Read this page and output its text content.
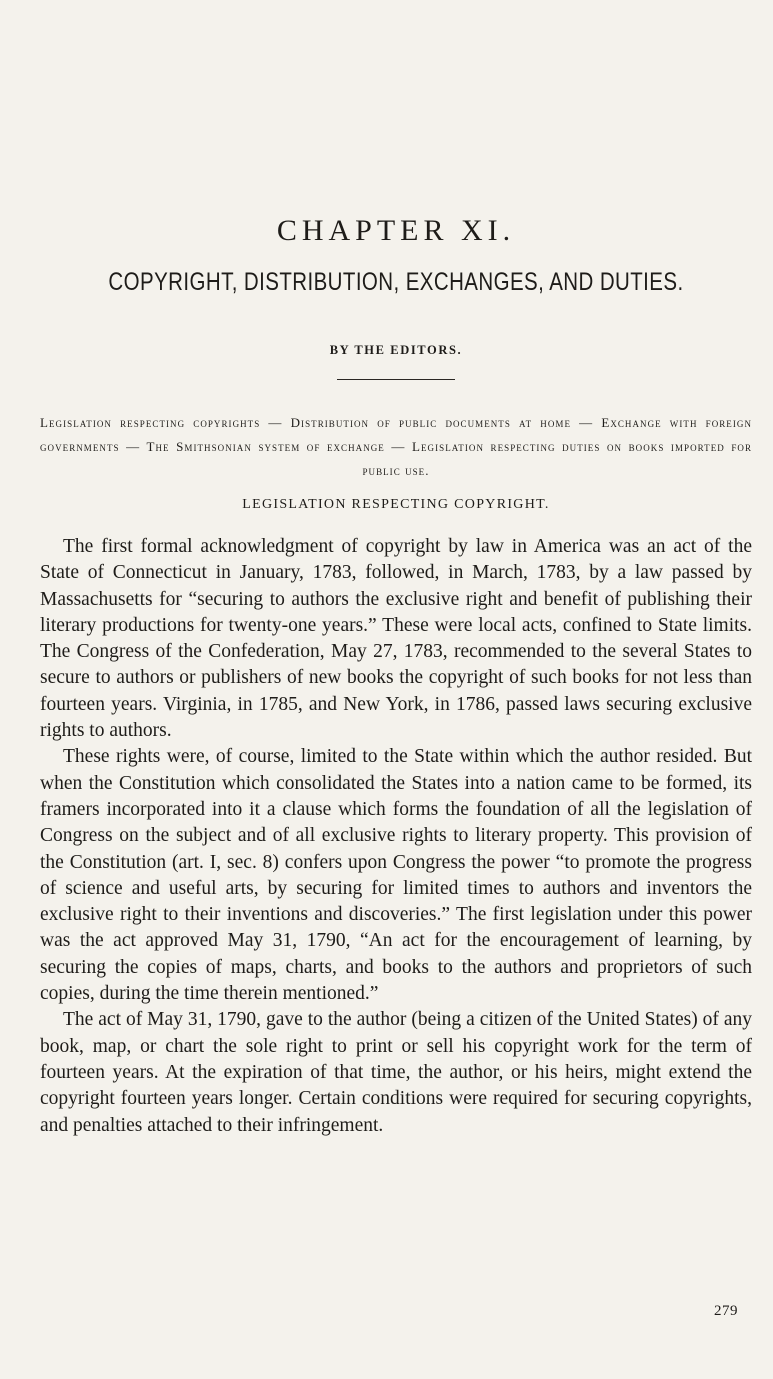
CHAPTER XI.
COPYRIGHT, DISTRIBUTION, EXCHANGES, AND DUTIES.

BY THE EDITORS.

Legislation respecting copyrights — Distribution of public documents at home — Exchange with foreign governments — The Smithsonian system of exchange — Legislation respecting duties on books imported for public use.

LEGISLATION RESPECTING COPYRIGHT.

The first formal acknowledgment of copyright by law in America was an act of the State of Connecticut in January, 1783, followed, in March, 1783, by a law passed by Massachusetts for “securing to authors the exclusive right and benefit of publishing their literary productions for twenty-one years.” These were local acts, confined to State limits. The Congress of the Confederation, May 27, 1783, recommended to the several States to secure to authors or publishers of new books the copyright of such books for not less than fourteen years. Virginia, in 1785, and New York, in 1786, passed laws securing exclusive rights to authors.

These rights were, of course, limited to the State within which the author resided. But when the Constitution which consolidated the States into a nation came to be formed, its framers incorporated into it a clause which forms the foundation of all the legislation of Congress on the subject and of all exclusive rights to literary property. This provision of the Constitution (art. I, sec. 8) confers upon Congress the power “to promote the progress of science and useful arts, by securing for limited times to authors and inventors the exclusive right to their inventions and discoveries.” The first legislation under this power was the act approved May 31, 1790, “An act for the encouragement of learning, by securing the copies of maps, charts, and books to the authors and proprietors of such copies, during the time therein mentioned.”

The act of May 31, 1790, gave to the author (being a citizen of the United States) of any book, map, or chart the sole right to print or sell his copyright work for the term of fourteen years. At the expiration of that time, the author, or his heirs, might extend the copyright fourteen years longer. Certain conditions were required for securing copyrights, and penalties attached to their infringement.

279
